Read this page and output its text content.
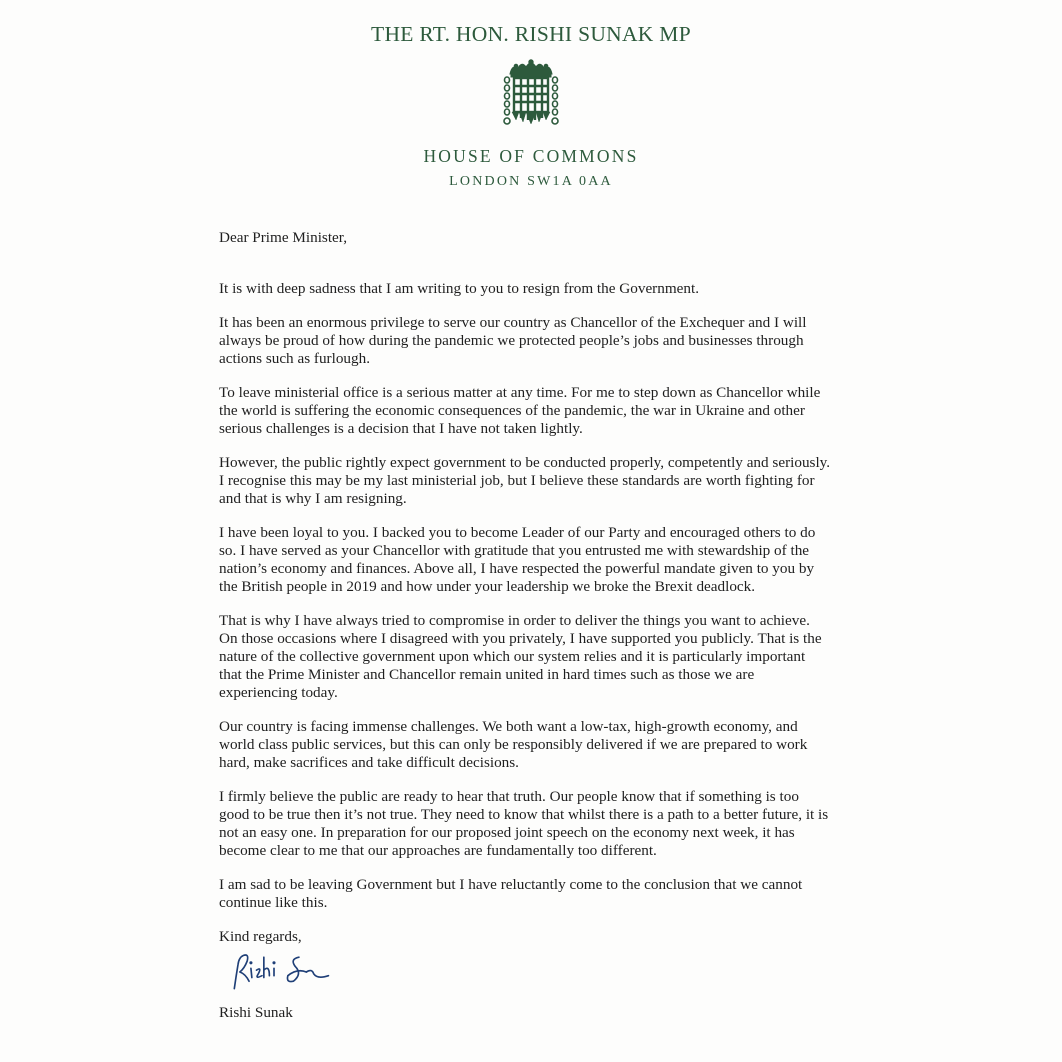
THE RT. HON. RISHI SUNAK MP
HOUSE OF COMMONS
LONDON SW1A 0AA

Dear Prime Minister,

It is with deep sadness that I am writing to you to resign from the Government.

It has been an enormous privilege to serve our country as Chancellor of the Exchequer and I will always be proud of how during the pandemic we protected people’s jobs and businesses through actions such as furlough.

To leave ministerial office is a serious matter at any time. For me to step down as Chancellor while the world is suffering the economic consequences of the pandemic, the war in Ukraine and other serious challenges is a decision that I have not taken lightly.

However, the public rightly expect government to be conducted properly, competently and seriously. I recognise this may be my last ministerial job, but I believe these standards are worth fighting for and that is why I am resigning.

I have been loyal to you. I backed you to become Leader of our Party and encouraged others to do so. I have served as your Chancellor with gratitude that you entrusted me with stewardship of the nation’s economy and finances. Above all, I have respected the powerful mandate given to you by the British people in 2019 and how under your leadership we broke the Brexit deadlock.

That is why I have always tried to compromise in order to deliver the things you want to achieve. On those occasions where I disagreed with you privately, I have supported you publicly. That is the nature of the collective government upon which our system relies and it is particularly important that the Prime Minister and Chancellor remain united in hard times such as those we are experiencing today.

Our country is facing immense challenges. We both want a low-tax, high-growth economy, and world class public services, but this can only be responsibly delivered if we are prepared to work hard, make sacrifices and take difficult decisions.

I firmly believe the public are ready to hear that truth. Our people know that if something is too good to be true then it’s not true. They need to know that whilst there is a path to a better future, it is not an easy one. In preparation for our proposed joint speech on the economy next week, it has become clear to me that our approaches are fundamentally too different.

I am sad to be leaving Government but I have reluctantly come to the conclusion that we cannot continue like this.

Kind regards,

Rishi Sunak
